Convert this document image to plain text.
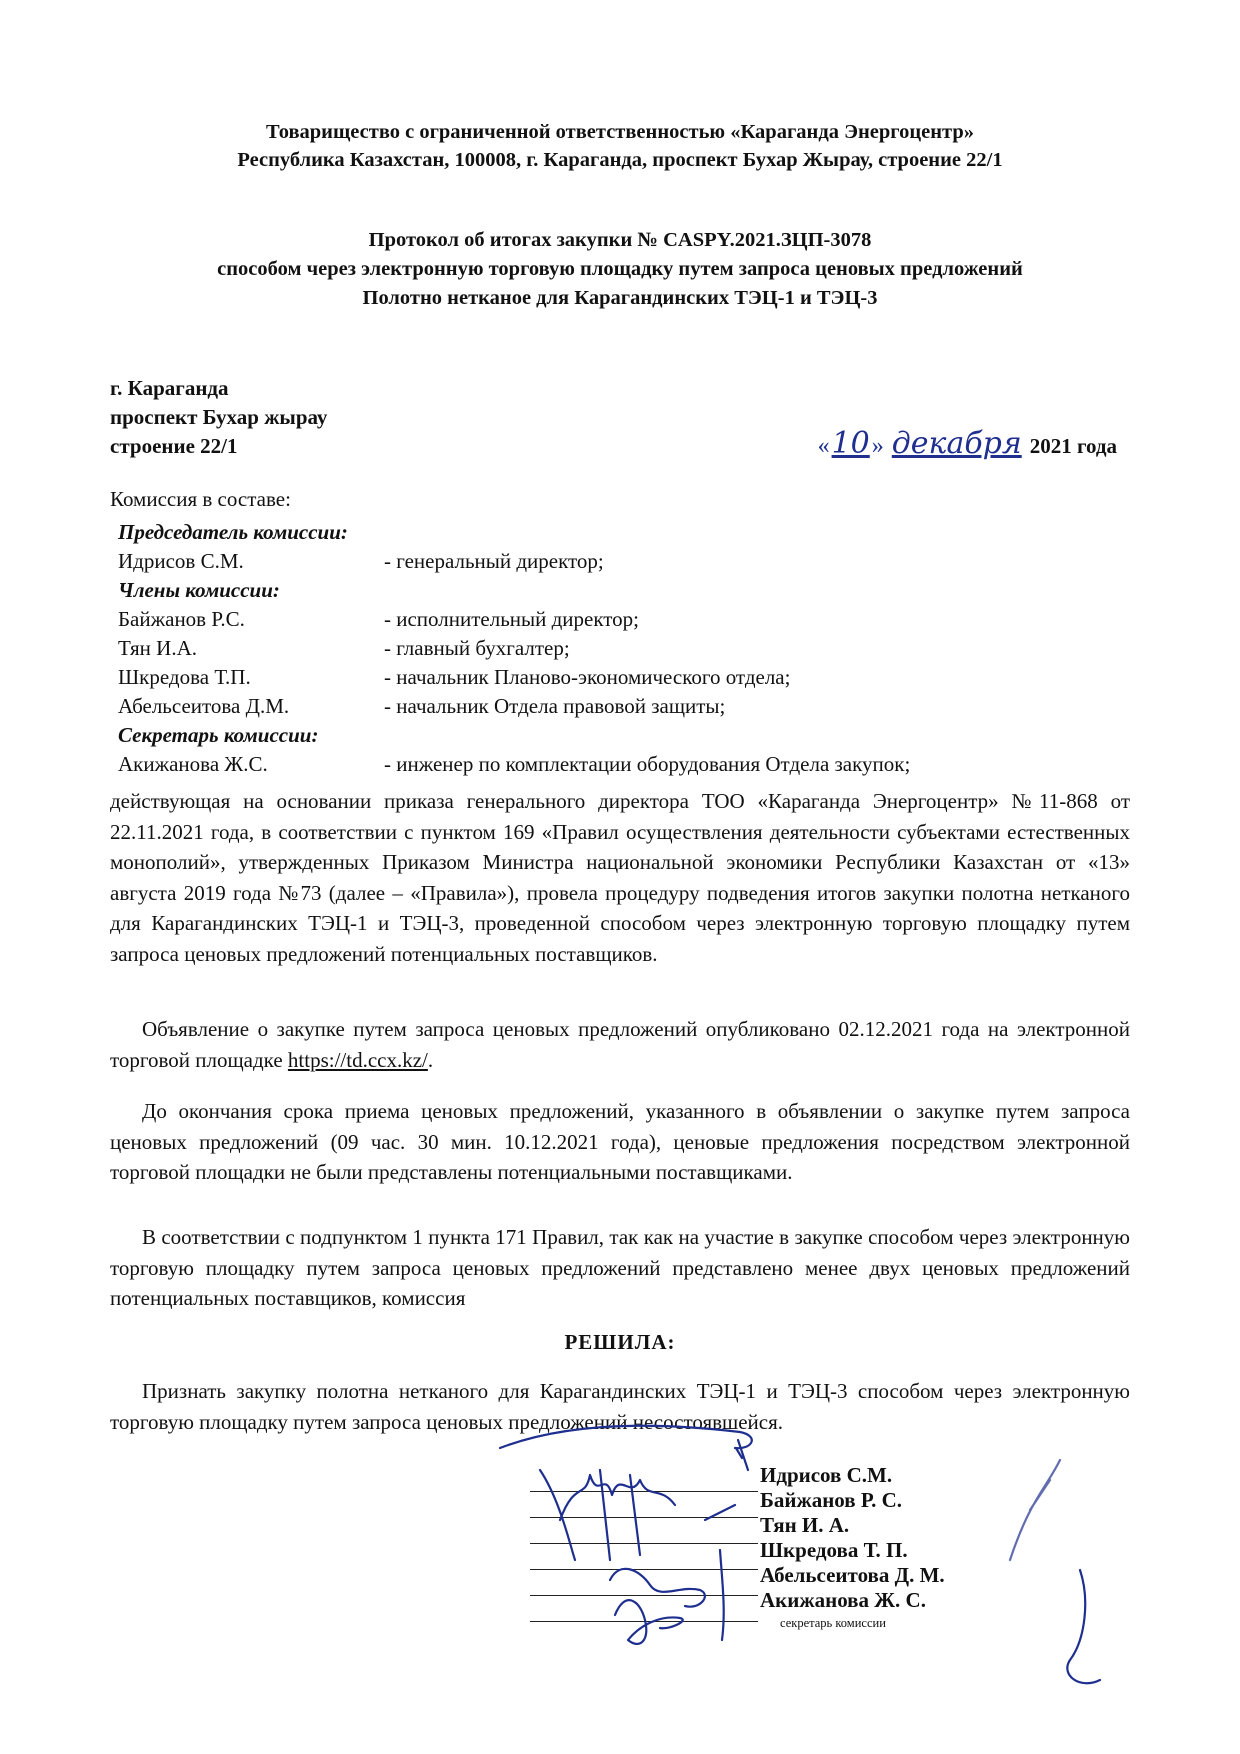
Товарищество с ограниченной ответственностью «Караганда Энергоцентр»
Республика Казахстан, 100008, г. Караганда, проспект Бухар Жырау, строение 22/1
Протокол об итогах закупки № CASPY.2021.ЗЦП-3078
способом через электронную торговую площадку путем запроса ценовых предложений
Полотно нетканое для Карагандинских ТЭЦ-1 и ТЭЦ-3
г. Караганда
проспект Бухар жырау
строение 22/1	« 10 » декабря 2021 года
Комиссия в составе:
Председатель комиссии:	
Идрисов С.М.	- генеральный директор;
Члены комиссии:	
Байжанов Р.С.	- исполнительный директор;
Тян И.А.	- главный бухгалтер;
Шкредова Т.П.	- начальник Планово-экономического отдела;
Абельсеитова Д.М.	- начальник Отдела правовой защиты;
Секретарь комиссии:	
Акижанова Ж.С.	- инженер по комплектации оборудования Отдела закупок;
действующая на основании приказа генерального директора ТОО «Караганда Энергоцентр» №11-868 от 22.11.2021 года, в соответствии с пунктом 169 «Правил осуществления деятельности субъектами естественных монополий», утвержденных Приказом Министра национальной экономики Республики Казахстан от «13» августа 2019 года №73 (далее – «Правила»), провела процедуру подведения итогов закупки полотна нетканого для Карагандинских ТЭЦ-1 и ТЭЦ-3, проведенной способом через электронную торговую площадку путем запроса ценовых предложений потенциальных поставщиков.
Объявление о закупке путем запроса ценовых предложений опубликовано 02.12.2021 года на электронной торговой площадке https://td.ccx.kz/.
До окончания срока приема ценовых предложений, указанного в объявлении о закупке путем запроса ценовых предложений (09 час. 30 мин. 10.12.2021 года), ценовые предложения посредством электронной торговой площадки не были представлены потенциальными поставщиками.
В соответствии с подпунктом 1 пункта 171 Правил, так как на участие в закупке способом через электронную торговую площадку путем запроса ценовых предложений представлено менее двух ценовых предложений потенциальных поставщиков, комиссия
РЕШИЛА:
Признать закупку полотна нетканого для Карагандинских ТЭЦ-1 и ТЭЦ-3 способом через электронную торговую площадку путем запроса ценовых предложений несостоявшейся.
Идрисов С.М.
Байжанов Р. С.
Тян И. А.
Шкредова Т. П.
Абельсеитова Д. М.
Акижанова Ж. С.
секретарь комиссии
